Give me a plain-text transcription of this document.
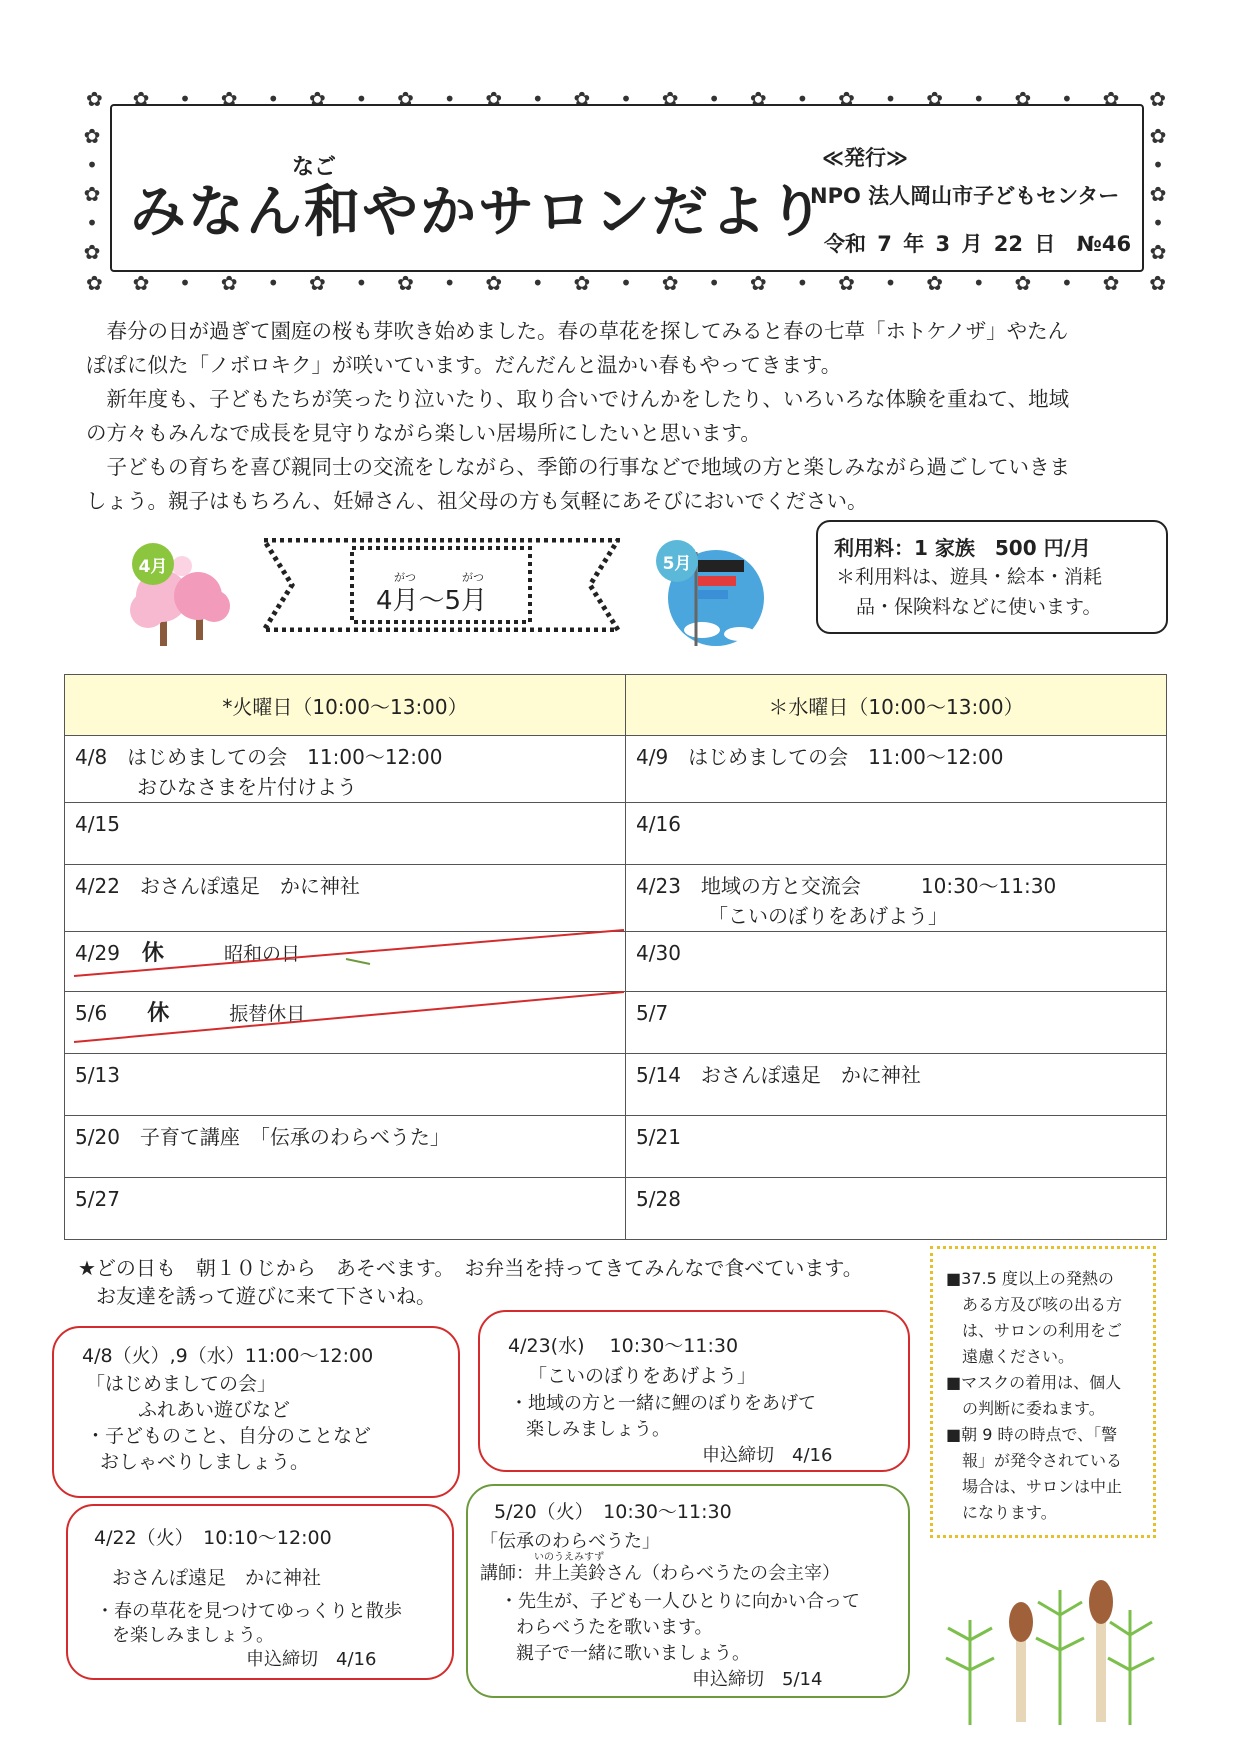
✿ ✿ • ✿ • ✿ • ✿ • ✿ • ✿ • ✿ • ✿ • ✿ • ✿ • ✿ • ✿ ✿
✿ ✿ • ✿ • ✿ • ✿ • ✿ • ✿ • ✿ • ✿ • ✿ • ✿ • ✿ • ✿ ✿
✿
•
✿
•
✿
✿
•
✿
•
✿
なご
みなん和やかサロンだより
≪発行≫
NPO 法人岡山市子どもセンター
令和 7 年 3 月 22 日 №46
　春分の日が過ぎて園庭の桜も芽吹き始めました。春の草花を探してみると春の七草「ホトケノザ」やたん
ぽぽに似た「ノボロキク」が咲いています。だんだんと温かい春もやってきます。
　新年度も、子どもたちが笑ったり泣いたり、取り合いでけんかをしたり、いろいろな体験を重ねて、地域
の方々もみんなで成長を見守りながら楽しい居場所にしたいと思います。
　子どもの育ちを喜び親同士の交流をしながら、季節の行事などで地域の方と楽しみながら過ごしていきま
しょう。親子はもちろん、妊婦さん、祖父母の方も気軽にあそびにおいでください。
4月
がつ	がつ
4月～5月
5月
利用料：1 家族　500 円/月
＊利用料は、遊具・絵本・消耗
品・保険料などに使います。
*火曜日（10:00～13:00）	＊水曜日（10:00～13:00）

4/8　はじめましての会　11:00～12:00
おひなさまを片付けよう	4/9　はじめましての会　11:00～12:00

4/15	4/16

4/22　おさんぽ遠足　かに神社	4/23　地域の方と交流会　　　10:30～11:30
「こいのぼりをあげよう」

4/29 休 昭和の日	4/30

5/6 休 振替休日	5/7

5/13	5/14　おさんぽ遠足　かに神社

5/20　子育て講座　「伝承のわらべうた」	5/21

5/27	5/28
★どの日も　朝１０じから　あそべます。　お弁当を持ってきてみんなで食べています。
お友達を誘って遊びに来て下さいね。
4/8（火）,9（水）11:00～12:00
「はじめましての会」
ふれあい遊びなど
・子どものこと、自分のことなど
おしゃべりしましょう。
4/23(水)　 10:30～11:30
「こいのぼりをあげよう」
・地域の方と一緒に鯉のぼりをあげて
楽しみましょう。
申込締切　4/16
4/22（火）　10:10～12:00
おさんぽ遠足　かに神社
・春の草花を見つけてゆっくりと散歩
を楽しみましょう。
申込締切　4/16
5/20（火）　10:30～11:30
「伝承のわらべうた」
いのうえみすず
講師：井上美鈴さん（わらべうたの会主宰）
・先生が、子ども一人ひとりに向かい合って
わらべうたを歌います。
親子で一緒に歌いましょう。
申込締切　5/14
■37.5 度以上の発熱の
　ある方及び咳の出る方
　は、サロンの利用をご
　遠慮ください。
■マスクの着用は、個人
　の判断に委ねます。
■朝 9 時の時点で、「警
　報」が発令されている
　場合は、サロンは中止
　になります。
